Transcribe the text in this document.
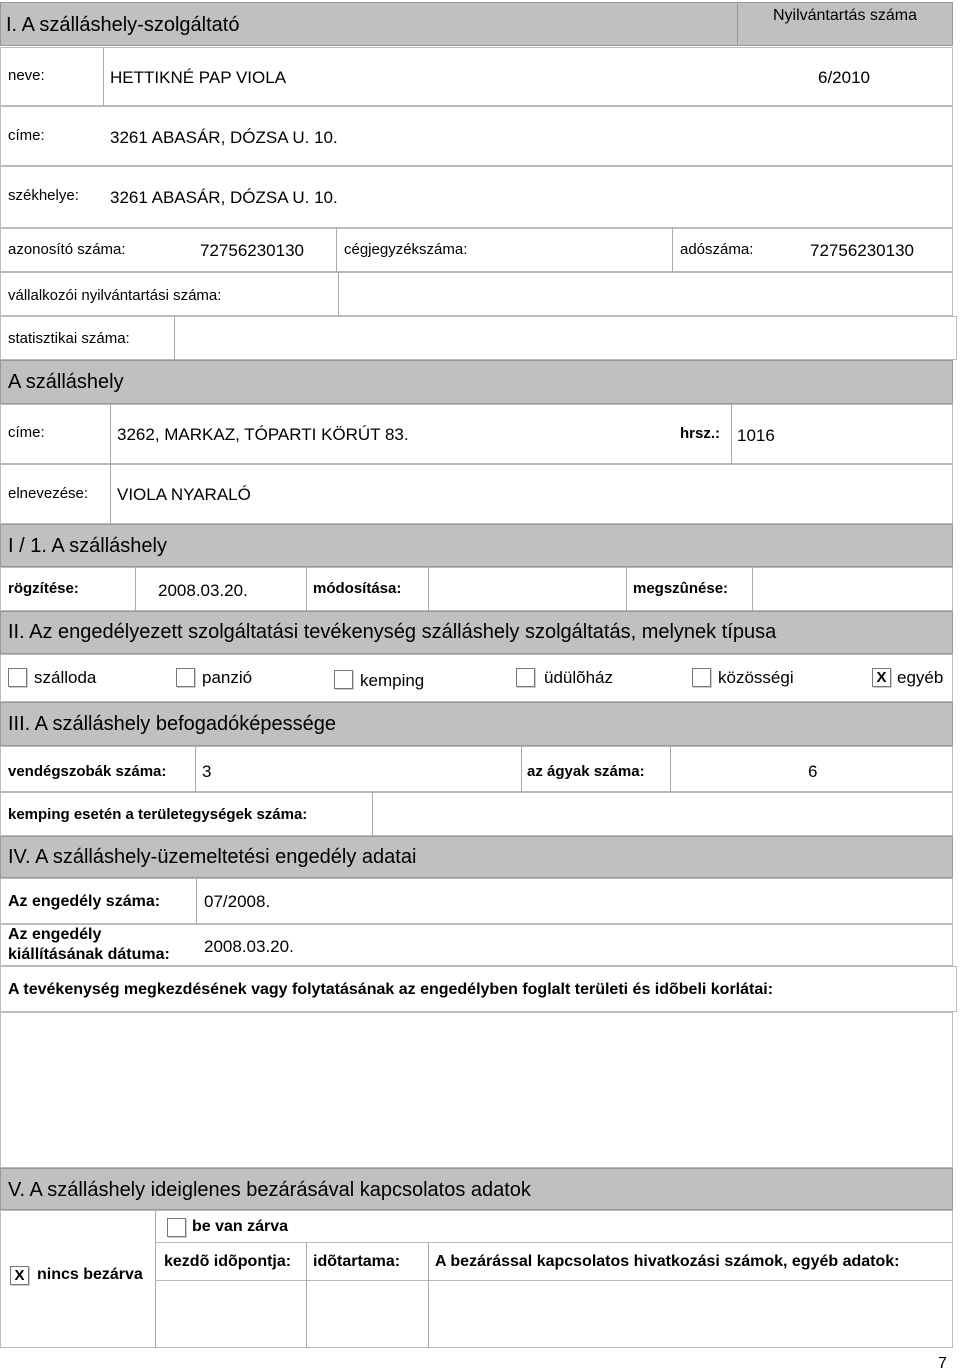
I. A szálláshely-szolgáltató	Nyilvántartás száma
neve:	HETTIKNÉ PAP VIOLA	6/2010
címe:	3261 ABASÁR, DÓZSA U. 10.
székhelye: 3261 ABASÁR, DÓZSA U. 10.
azonosító száma:	72756230130	cégjegyzékszáma:	adószáma:	72756230130
vállalkozói nyilvántartási száma:
statisztikai száma:
A szálláshely
címe:	3262, MARKAZ, TÓPARTI KÖRÚT 83.	hrsz.: 1016
elnevezése: VIOLA NYARALÓ
I / 1. A szálláshely
rögzítése:	2008.03.20.	módosítása:	megszûnése:
II. Az engedélyezett szolgáltatási tevékenység szálláshely szolgáltatás, melynek típusa
szálloda	panzió	kemping	üdülõház	közösségi	X egyéb
III. A szálláshely befogadóképessége
vendégszobák száma: 3	az ágyak száma:	6
kemping esetén a területegységek száma:
IV. A szálláshely-üzemeltetési engedély adatai
Az engedély száma:	07/2008.
Az engedély
kiállításának dátuma: 2008.03.20.
A tevékenység megkezdésének vagy folytatásának az engedélyben foglalt területi és idõbeli korlátai:
V. A szálláshely ideiglenes bezárásával kapcsolatos adatok
be van zárva
X nincs bezárva
kezdõ idõpontja: idõtartama: A bezárással kapcsolatos hivatkozási számok, egyéb adatok:
7
